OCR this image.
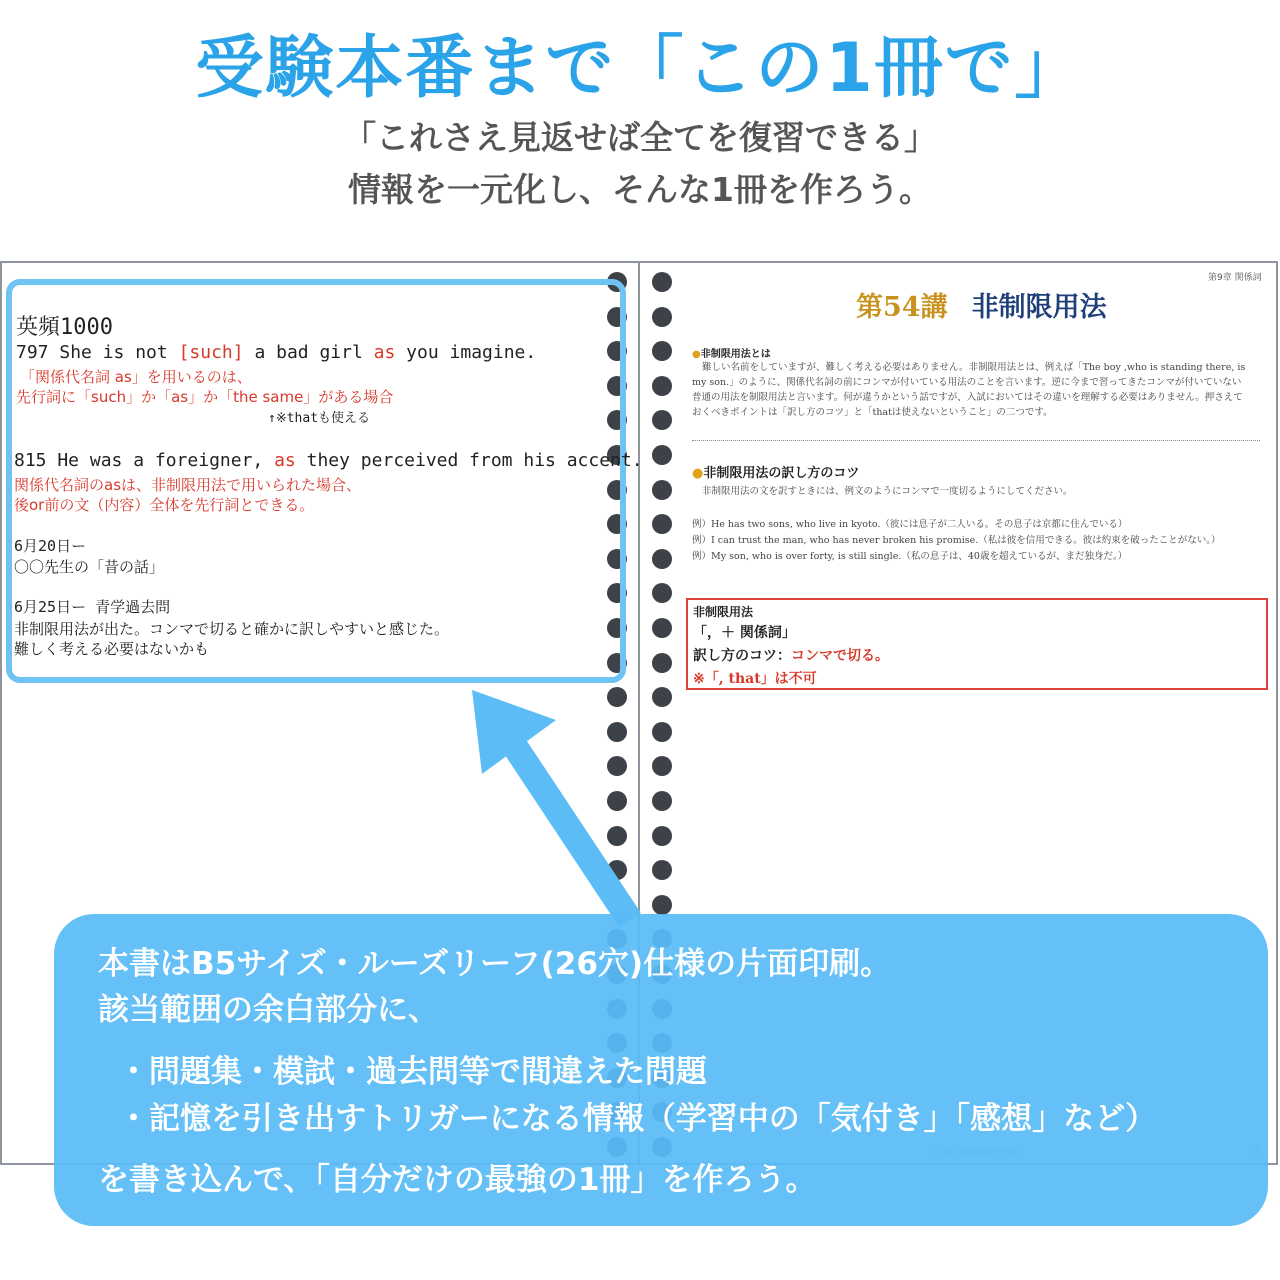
受験本番まで「この1冊で」

「これさえ見返せば全てを復習できる」

情報を一元化し、そんな1冊を作ろう。

英頻1000

797 She is not [such] a bad girl as you imagine.

「関係代名詞 as」を用いるのは、

先行詞に「such」か「as」か「the same」がある場合

↑※thatも使える

815 He was a foreigner, as they perceived from his accent.

関係代名詞のasは、非制限用法で用いられた場合、

後or前の文（内容）全体を先行詞とできる。

6月20日ー

〇〇先生の「昔の話」

6月25日ー 青学過去問

非制限用法が出た。コンマで切ると確かに訳しやすいと感じた。

難しく考える必要はないかも

第9章 関係詞

第54講 非制限用法

● 非制限用法とは

難しい名前をしていますが、難しく考える必要はありません。非制限用法とは、例えば「The boy ,who is standing there, is
my son.」のように、関係代名詞の前にコンマが付いている用法のことを言います。逆に今まで習ってきたコンマが付いていない
普通の用法を制限用法と言います。何が違うかという話ですが、入試においてはその違いを理解する必要はありません。押さえて
おくべきポイントは「訳し方のコツ」と「thatは使えないということ」の二つです。

● 非制限用法の訳し方のコツ

非制限用法の文を訳すときには、例文のようにコンマで一度切るようにしてください。

例）He has two sons, who live in kyoto.（彼には息子が二人いる。その息子は京都に住んでいる）

例）I can trust the man, who has never broken his promise.（私は彼を信用できる。彼は約束を破ったことがない。）

例）My son, who is over forty, is still single.（私の息子は、40歳を超えているが、まだ独身だ。）

非制限用法

「，＋ 関係詞」

訳し方のコツ：コンマで切る。

※「, that」は不可

本書はB5サイズ・ルーズリーフ(26穴)仕様の片面印刷。

該当範囲の余白部分に、

・問題集・模試・過去問等で間違えた問題

・記憶を引き出すトリガーになる情報（学習中の「気付き」「感想」など）

を書き込んで、「自分だけの最強の1冊」を作ろう。
